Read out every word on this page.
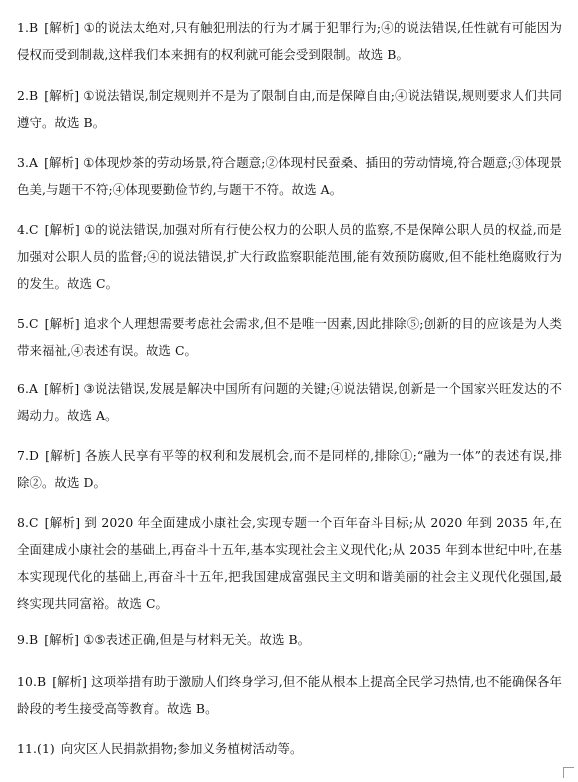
1.B [解析] ①的说法太绝对,只有触犯刑法的行为才属于犯罪行为;④的说法错误,任性就有可能因为侵权而受到制裁,这样我们本来拥有的权利就可能会受到限制。故选 B。

2.B [解析] ①说法错误,制定规则并不是为了限制自由,而是保障自由;④说法错误,规则要求人们共同遵守。故选 B。

3.A [解析] ①体现炒茶的劳动场景,符合题意;②体现村民蚕桑、插田的劳动情境,符合题意;③体现景色美,与题干不符;④体现要勤俭节约,与题干不符。故选 A。

4.C [解析] ①的说法错误,加强对所有行使公权力的公职人员的监察,不是保障公职人员的权益,而是加强对公职人员的监督;④的说法错误,扩大行政监察职能范围,能有效预防腐败,但不能杜绝腐败行为的发生。故选 C。

5.C [解析] 追求个人理想需要考虑社会需求,但不是唯一因素,因此排除⑤;创新的目的应该是为人类带来福祉,④表述有误。故选 C。

6.A [解析] ③说法错误,发展是解决中国所有问题的关键;④说法错误,创新是一个国家兴旺发达的不竭动力。故选 A。

7.D [解析] 各族人民享有平等的权利和发展机会,而不是同样的,排除①;“融为一体”的表述有误,排除②。故选 D。

8.C [解析] 到 2020 年全面建成小康社会,实现专题一个百年奋斗目标;从 2020 年到 2035 年,在全面建成小康社会的基础上,再奋斗十五年,基本实现社会主义现代化;从 2035 年到本世纪中叶,在基本实现现代化的基础上,再奋斗十五年,把我国建成富强民主文明和谐美丽的社会主义现代化强国,最终实现共同富裕。故选 C。

9.B [解析] ①⑤表述正确,但是与材料无关。故选 B。

10.B [解析] 这项举措有助于激励人们终身学习,但不能从根本上提高全民学习热情,也不能确保各年龄段的考生接受高等教育。故选 B。

11.(1) 向灾区人民捐款捐物;参加义务植树活动等。
